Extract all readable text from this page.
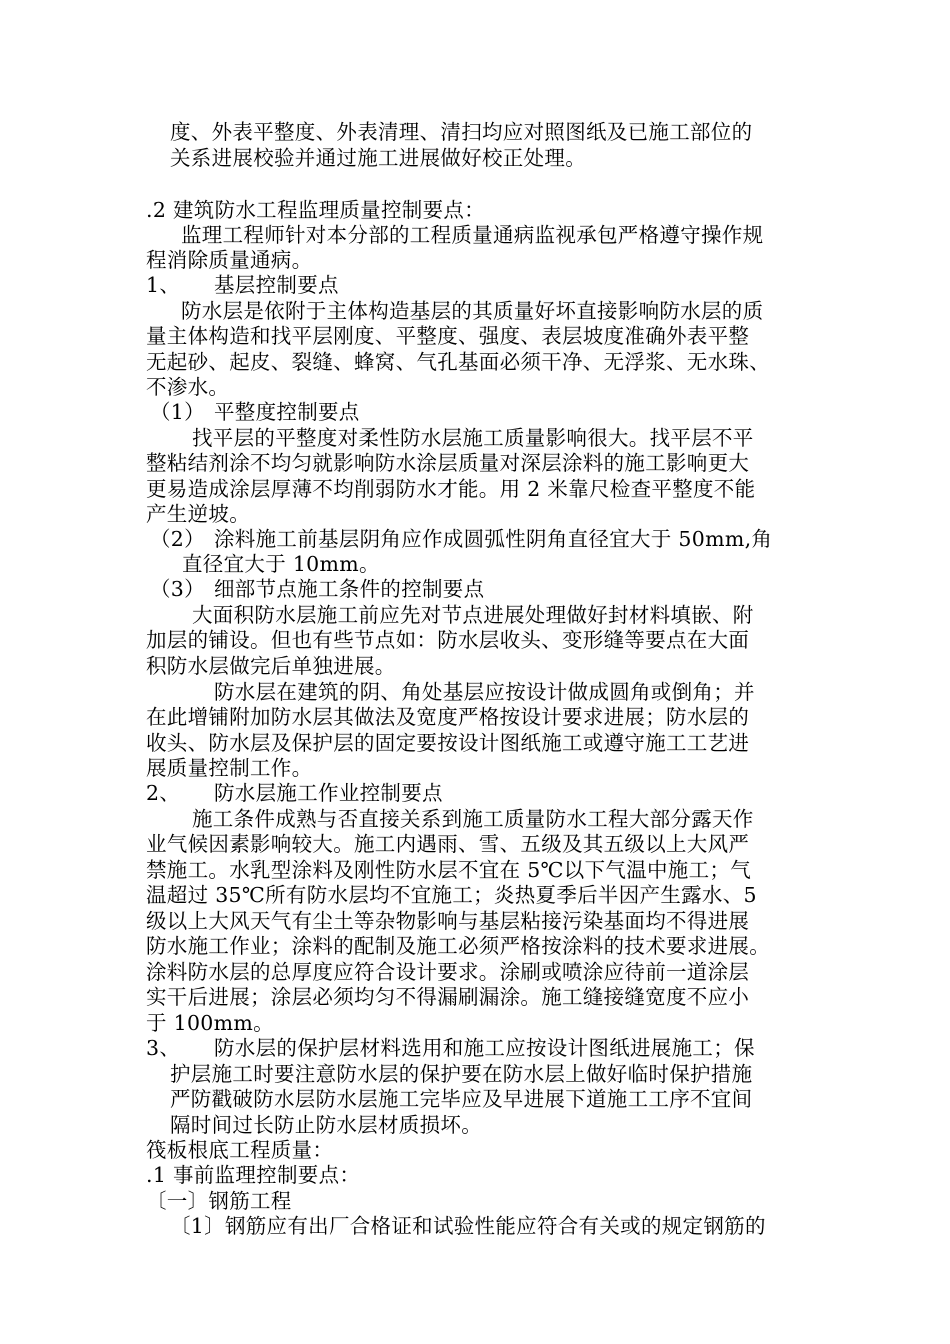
度、外表平整度、外表清理、清扫均应对照图纸及已施工部位的
关系进展校验并通过施工进展做好校正处理。
.2 建筑防水工程监理质量控制要点：
监理工程师针对本分部的工程质量通病监视承包严格遵守操作规
程消除质量通病。
1、 基层控制要点
防水层是依附于主体构造基层的其质量好坏直接影响防水层的质
量主体构造和找平层刚度、平整度、强度、表层坡度准确外表平整
无起砂、起皮、裂缝、蜂窝、气孔基面必须干净、无浮浆、无水珠、
不渗水。
（1） 平整度控制要点
找平层的平整度对柔性防水层施工质量影响很大。找平层不平
整粘结剂涂不均匀就影响防水涂层质量对深层涂料的施工影响更大
更易造成涂层厚薄不均削弱防水才能。用 2 米靠尺检查平整度不能
产生逆坡。
（2） 涂料施工前基层阴角应作成圆弧性阴角直径宜大于 50mm,角
直径宜大于 10mm。
（3） 细部节点施工条件的控制要点
大面积防水层施工前应先对节点进展处理做好封材料填嵌、附
加层的铺设。但也有些节点如：防水层收头、变形缝等要点在大面
积防水层做完后单独进展。
防水层在建筑的阴、角处基层应按设计做成圆角或倒角；并
在此增铺附加防水层其做法及宽度严格按设计要求进展；防水层的
收头、防水层及保护层的固定要按设计图纸施工或遵守施工工艺进
展质量控制工作。
2、 防水层施工作业控制要点
施工条件成熟与否直接关系到施工质量防水工程大部分露天作
业气候因素影响较大。施工内遇雨、雪、五级及其五级以上大风严
禁施工。水乳型涂料及刚性防水层不宜在 5℃以下气温中施工；气
温超过 35℃所有防水层均不宜施工；炎热夏季后半因产生露水、5
级以上大风天气有尘土等杂物影响与基层粘接污染基面均不得进展
防水施工作业；涂料的配制及施工必须严格按涂料的技术要求进展。
涂料防水层的总厚度应符合设计要求。涂刷或喷涂应待前一道涂层
实干后进展；涂层必须均匀不得漏刷漏涂。施工缝接缝宽度不应小
于 100mm。
3、 防水层的保护层材料选用和施工应按设计图纸进展施工；保
护层施工时要注意防水层的保护要在防水层上做好临时保护措施
严防戳破防水层防水层施工完毕应及早进展下道施工工序不宜间
隔时间过长防止防水层材质损坏。
筏板根底工程质量：
.1 事前监理控制要点：
〔一〕钢筋工程
〔1〕钢筋应有出厂合格证和试验性能应符合有关或的规定钢筋的
